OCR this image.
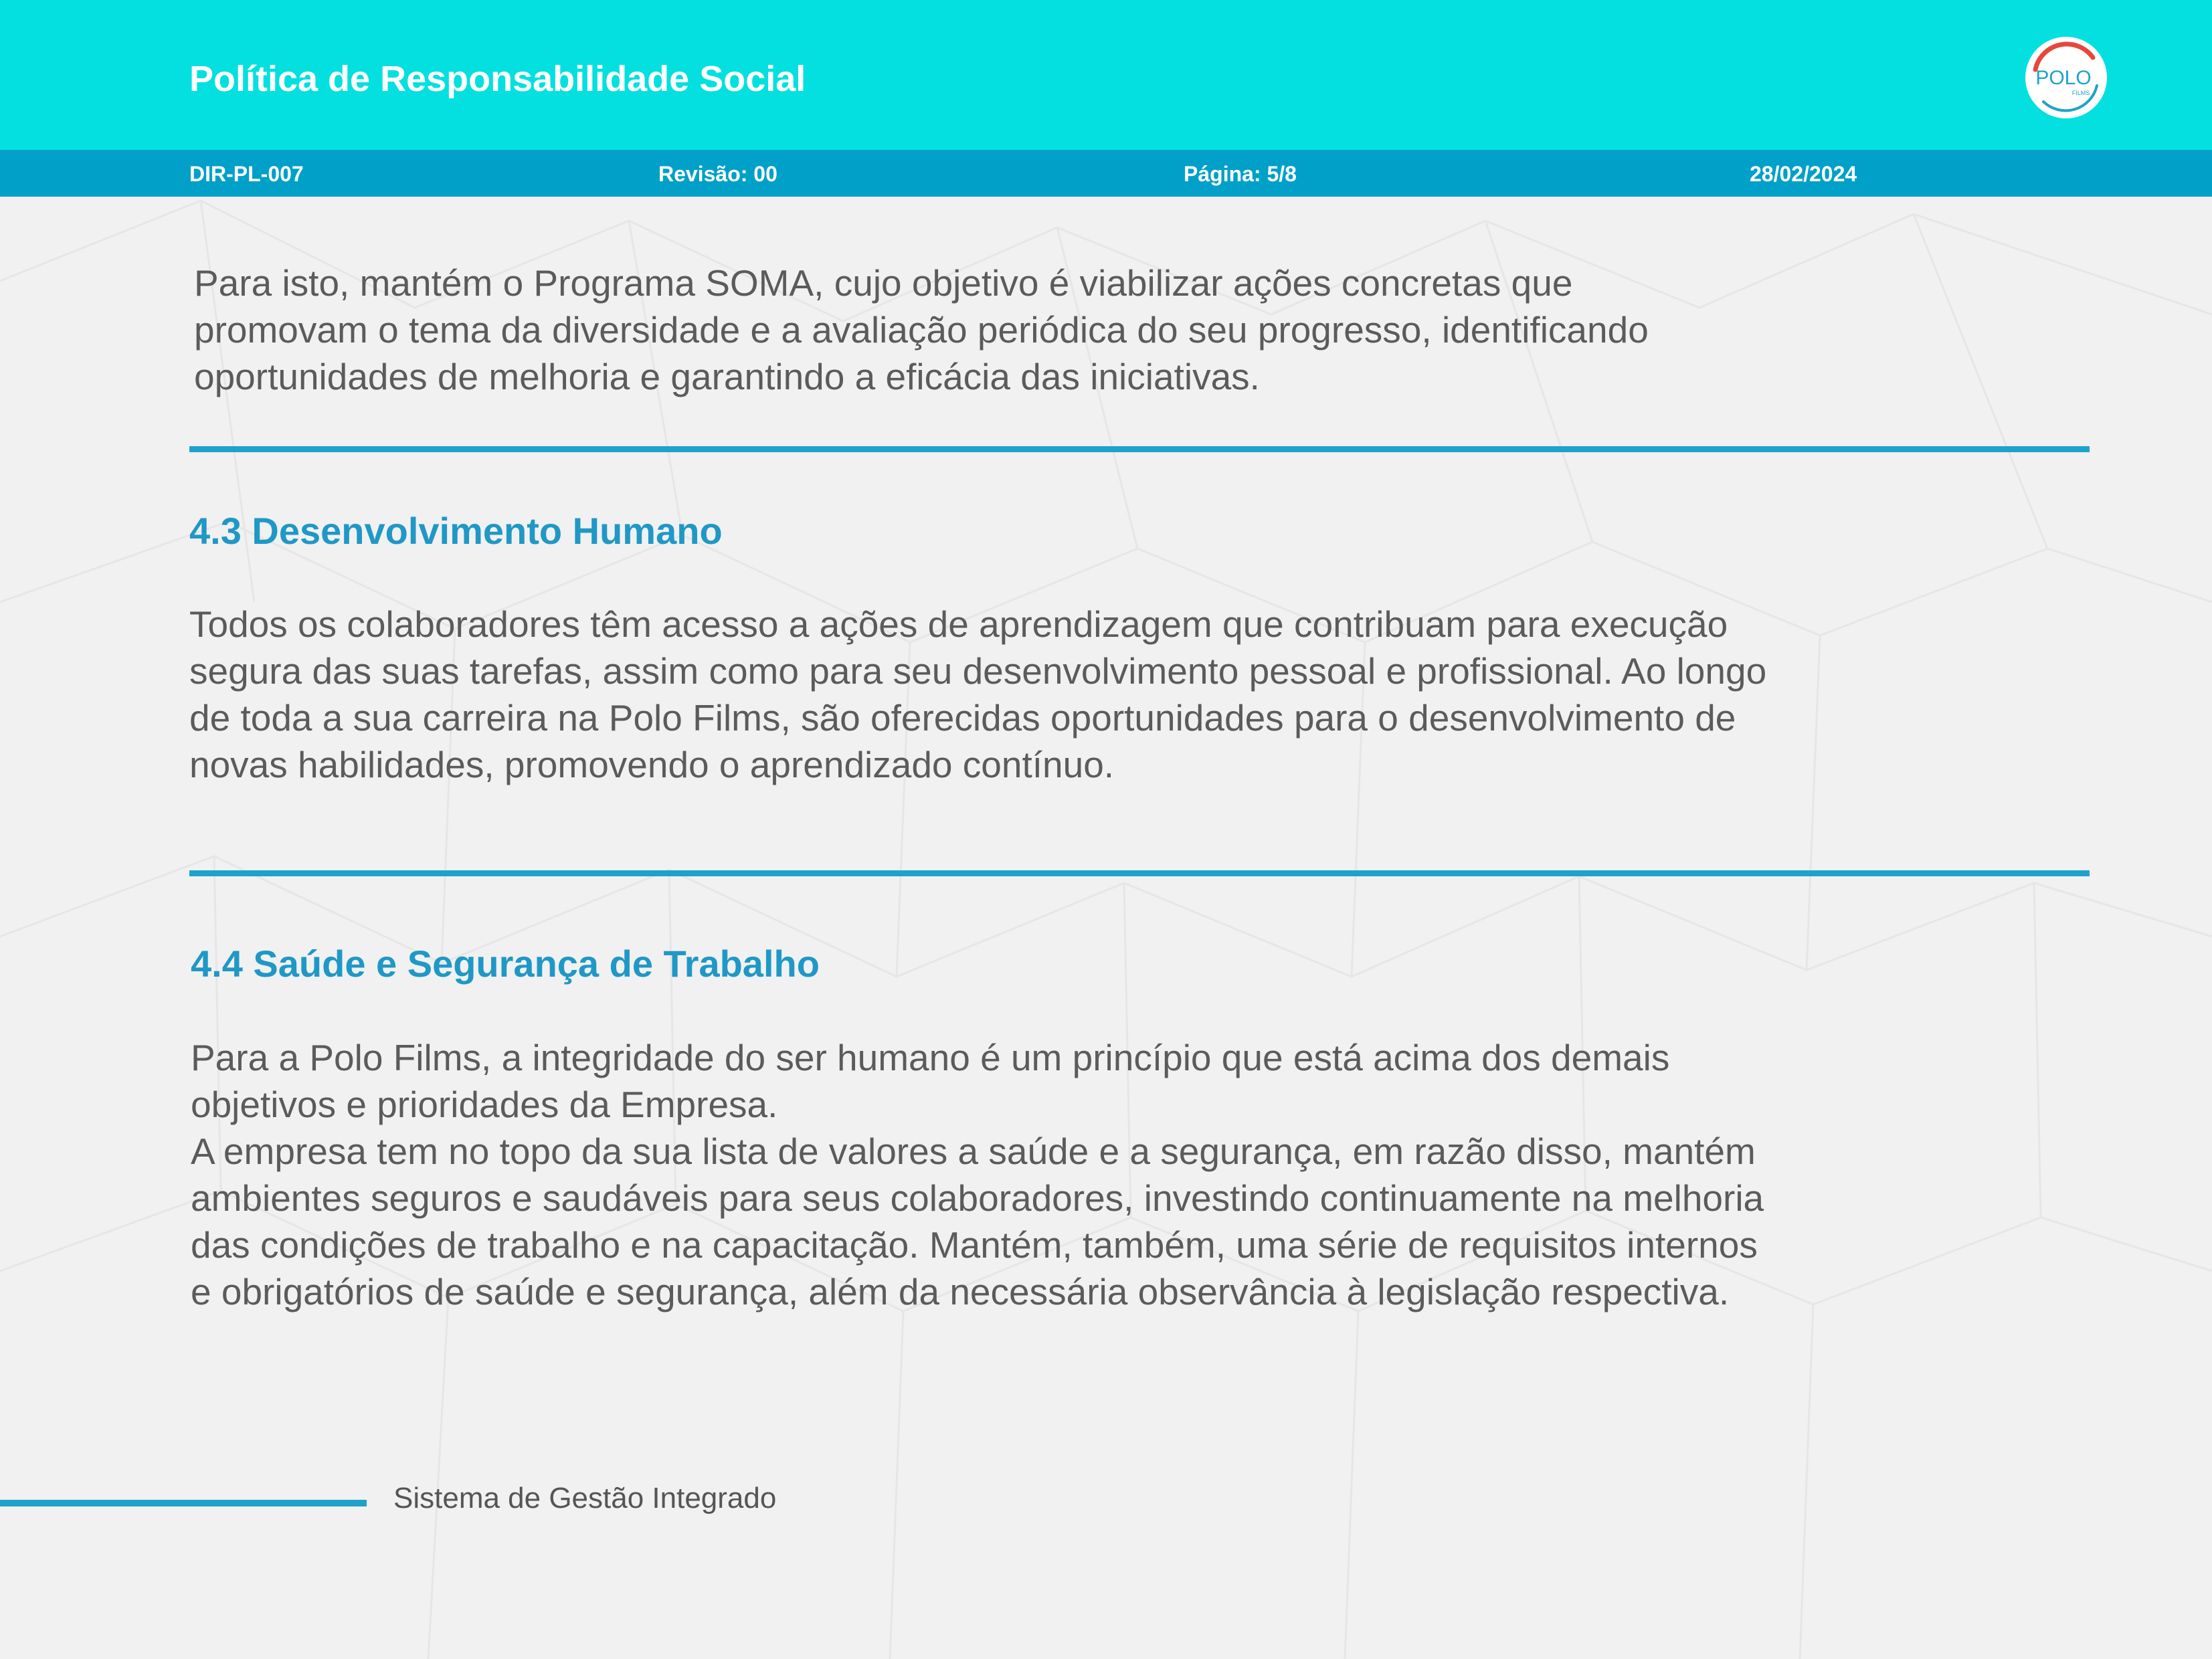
Política de Responsabilidade Social	POLO
FILMS
DIR-PL-007	Revisão: 00	Página: 5/8	28/02/2024

Para isto, mantém o Programa SOMA, cujo objetivo é viabilizar ações concretas que
promovam o tema da diversidade e a avaliação periódica do seu progresso, identificando
oportunidades de melhoria e garantindo a eficácia das iniciativas.

4.3 Desenvolvimento Humano

Todos os colaboradores têm acesso a ações de aprendizagem que contribuam para execução
segura das suas tarefas, assim como para seu desenvolvimento pessoal e profissional. Ao longo
de toda a sua carreira na Polo Films, são oferecidas oportunidades para o desenvolvimento de
novas habilidades, promovendo o aprendizado contínuo.

4.4 Saúde e Segurança de Trabalho

Para a Polo Films, a integridade do ser humano é um princípio que está acima dos demais
objetivos e prioridades da Empresa.
A empresa tem no topo da sua lista de valores a saúde e a segurança, em razão disso, mantém
ambientes seguros e saudáveis para seus colaboradores, investindo continuamente na melhoria
das condições de trabalho e na capacitação. Mantém, também, uma série de requisitos internos
e obrigatórios de saúde e segurança, além da necessária observância à legislação respectiva.

Sistema de Gestão Integrado
